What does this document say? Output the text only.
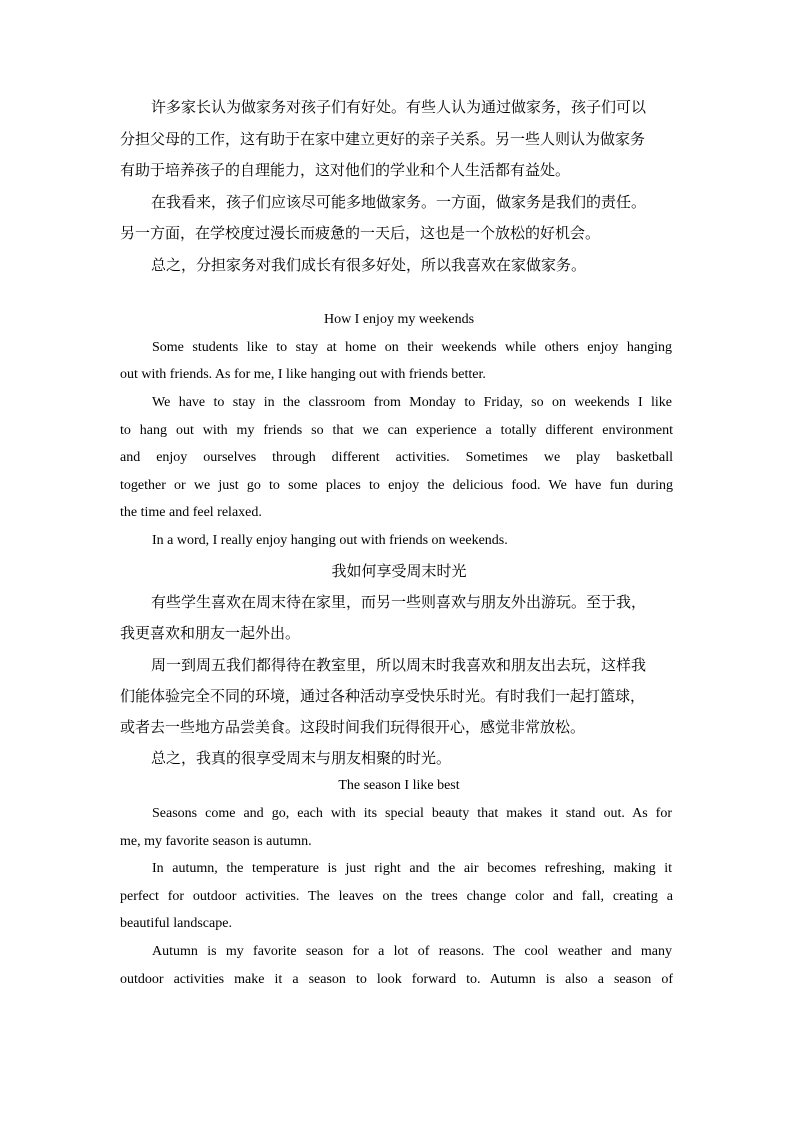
许多家长认为做家务对孩子们有好处。有些人认为通过做家务，孩子们可以

分担父母的工作，这有助于在家中建立更好的亲子关系。另一些人则认为做家务

有助于培养孩子的自理能力，这对他们的学业和个人生活都有益处。

在我看来，孩子们应该尽可能多地做家务。一方面，做家务是我们的责任。

另一方面，在学校度过漫长而疲惫的一天后，这也是一个放松的好机会。

总之，分担家务对我们成长有很多好处，所以我喜欢在家做家务。

How I enjoy my weekends

Some students like to stay at home on their weekends while others enjoy hanging

out with friends. As for me, I like hanging out with friends better.

We have to stay in the classroom from Monday to Friday, so on weekends I like

to hang out with my friends so that we can experience a totally different environment

and enjoy ourselves through different activities. Sometimes we play basketball

together or we just go to some places to enjoy the delicious food. We have fun during

the time and feel relaxed.

In a word, I really enjoy hanging out with friends on weekends.

我如何享受周末时光

有些学生喜欢在周末待在家里，而另一些则喜欢与朋友外出游玩。至于我，

我更喜欢和朋友一起外出。

周一到周五我们都得待在教室里，所以周末时我喜欢和朋友出去玩，这样我

们能体验完全不同的环境，通过各种活动享受快乐时光。有时我们一起打篮球，

或者去一些地方品尝美食。这段时间我们玩得很开心，感觉非常放松。

总之，我真的很享受周末与朋友相聚的时光。

The season I like best

Seasons come and go, each with its special beauty that makes it stand out. As for

me, my favorite season is autumn.

In autumn, the temperature is just right and the air becomes refreshing, making it

perfect for outdoor activities. The leaves on the trees change color and fall, creating a

beautiful landscape.

Autumn is my favorite season for a lot of reasons. The cool weather and many

outdoor activities make it a season to look forward to. Autumn is also a season of
